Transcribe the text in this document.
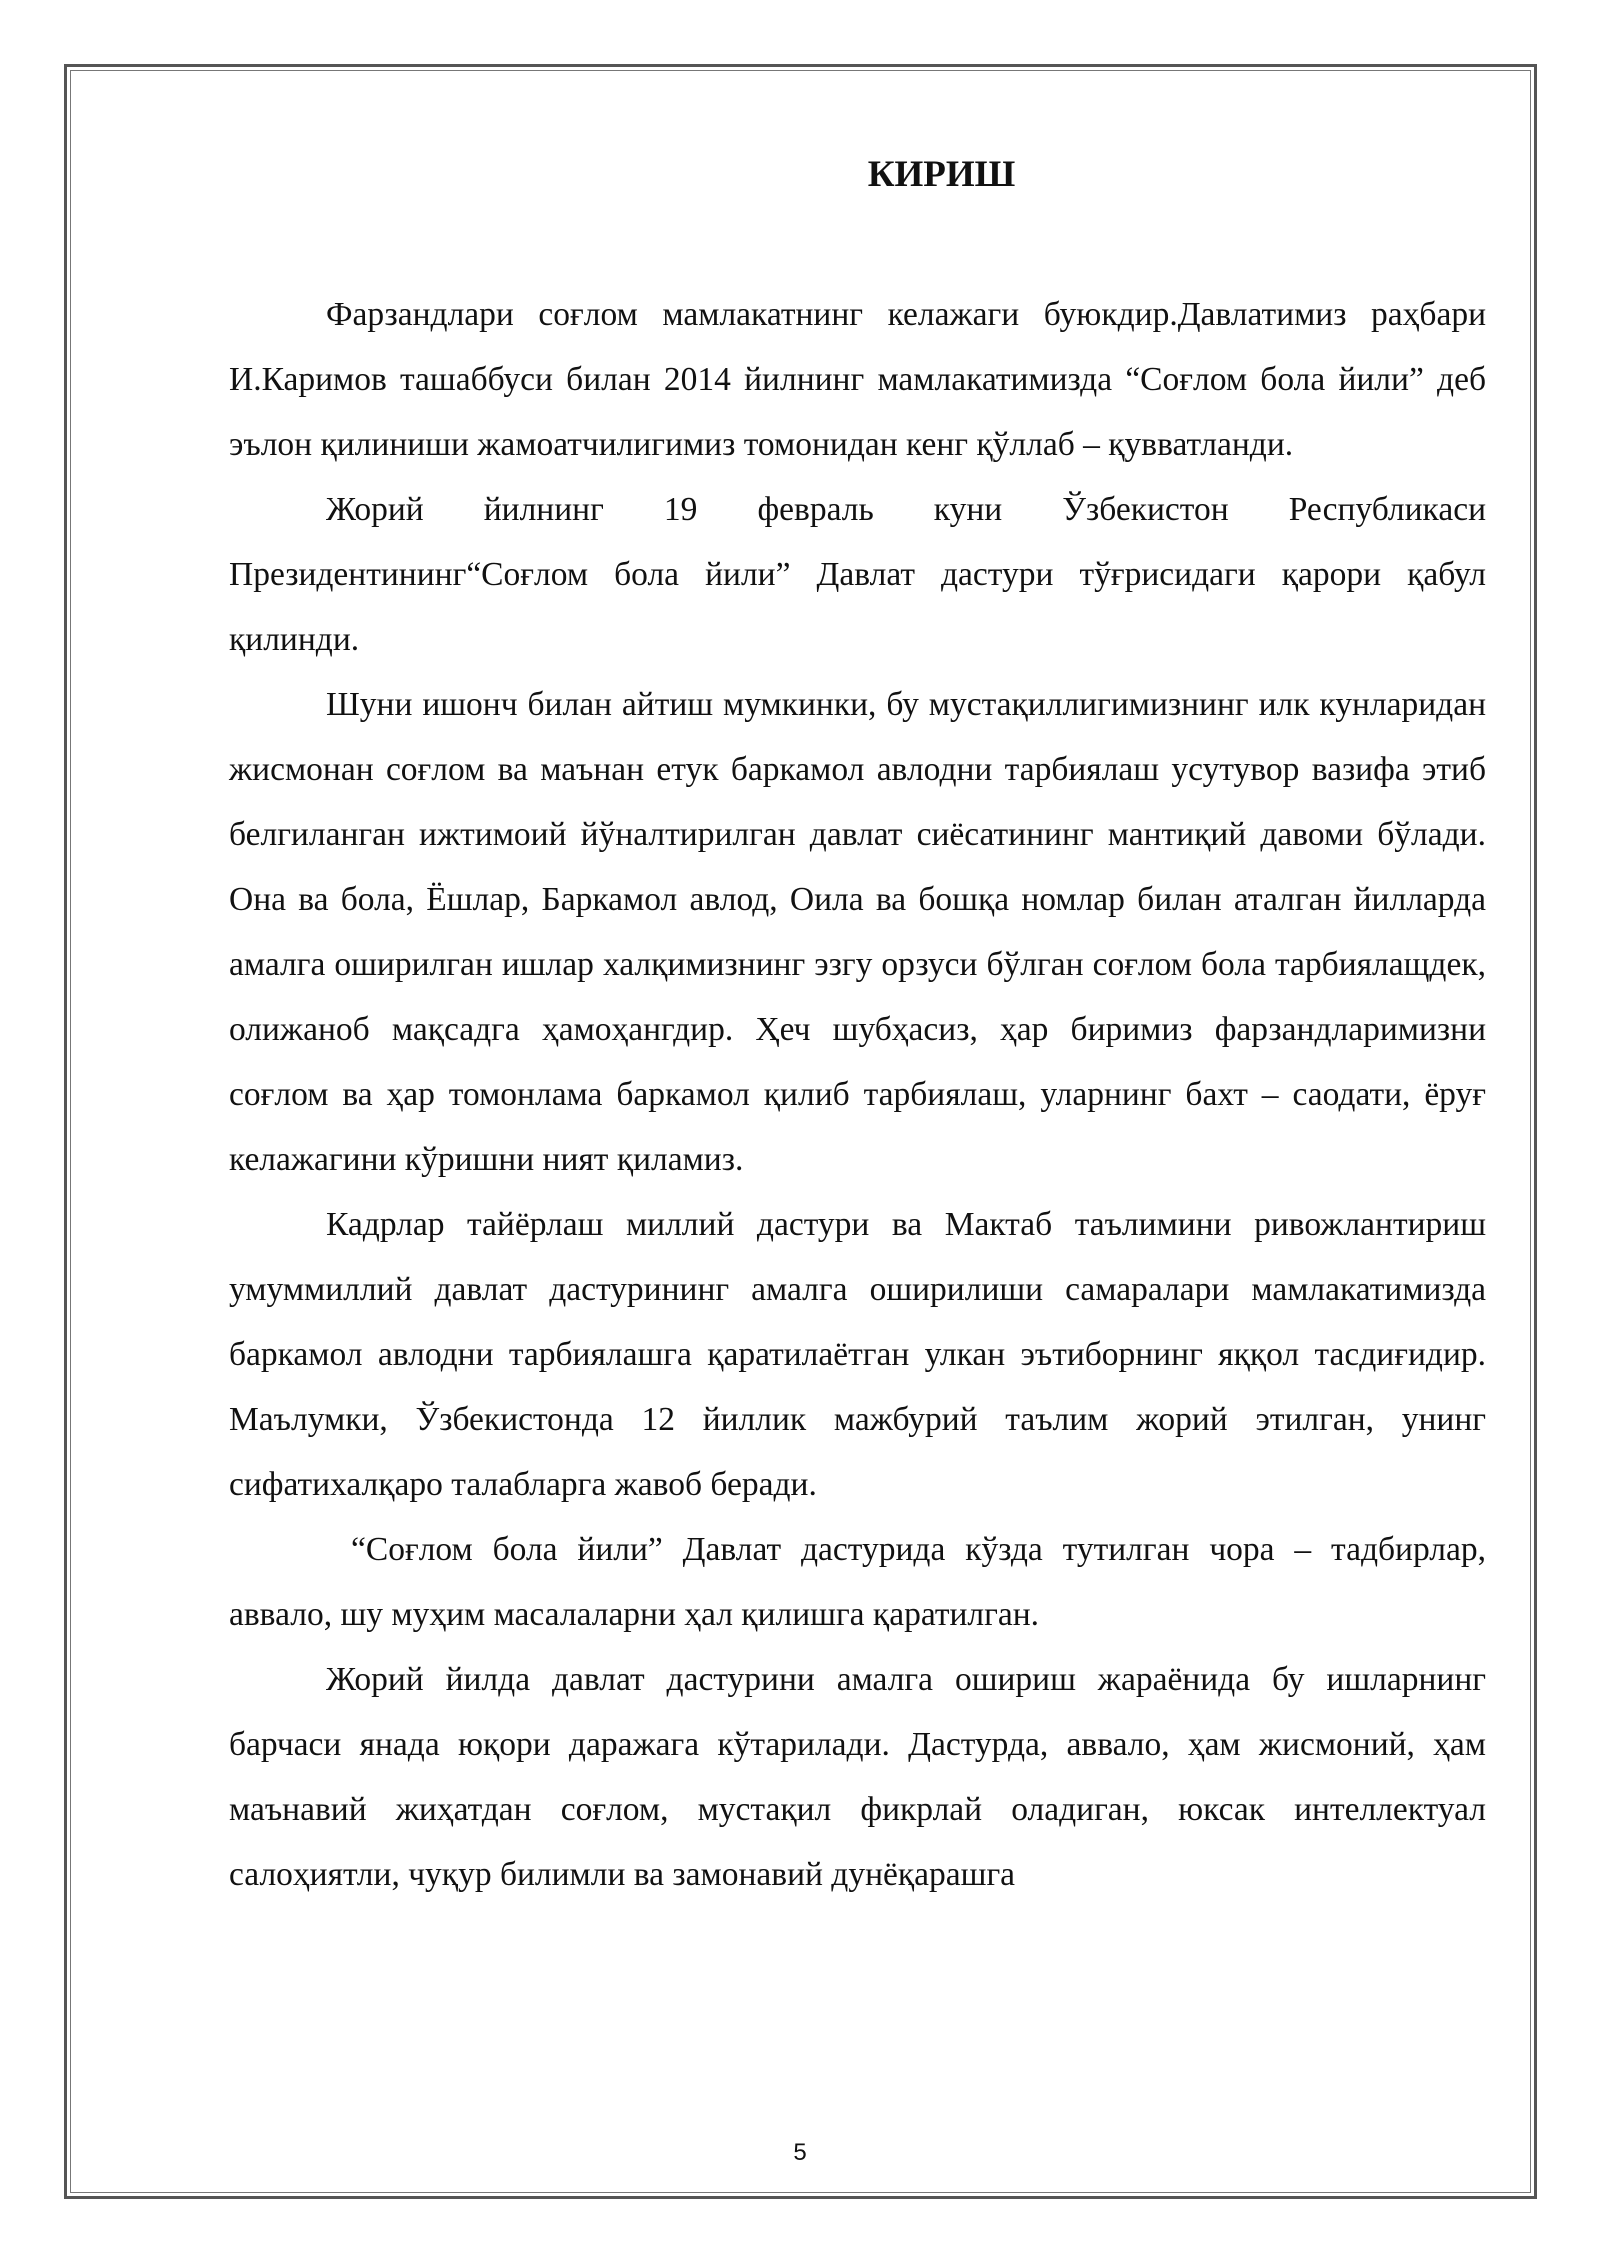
КИРИШ

Фарзандлари соғлом мамлакатнинг келажаги буюкдир.Давлатимиз раҳбари И.Каримов ташаббуси билан 2014 йилнинг мамлакатимизда “Соғлом бола йили” деб эълон қилиниши жамоатчилигимиз томонидан кенг қўллаб – қувватланди.

Жорий йилнинг 19 февраль куни Ўзбекистон Республикаси Президентининг“Соғлом бола йили” Давлат дастури тўғрисидаги қарори қабул қилинди.

Шуни ишонч билан айтиш мумкинки, бу мустақиллигимизнинг илк кунларидан жисмонан соғлом ва маънан етук баркамол авлодни тарбиялаш усутувор вазифа этиб белгиланган ижтимоий йўналтирилган давлат сиёсатининг мантиқий давоми бўлади. Она ва бола, Ёшлар, Баркамол авлод, Оила ва бошқа номлар билан аталган йилларда амалга оширилган ишлар халқимизнинг эзгу орзуси бўлган соғлом бола тарбиялащдек, олижаноб мақсадга ҳамоҳангдир. Ҳеч шубҳасиз, ҳар биримиз фарзандларимизни соғлом ва ҳар томонлама баркамол қилиб тарбиялаш, уларнинг бахт – саодати, ёруғ келажагини кўришни ният қиламиз.

Кадрлар тайёрлаш миллий дастури ва Мактаб таълимини ривожлантириш умуммиллий давлат дастурининг амалга оширилиши самаралари мамлакатимизда баркамол авлодни тарбиялашга қаратилаётган улкан эътиборнинг яққол тасдиғидир. Маълумки, Ўзбекистонда 12 йиллик мажбурий таълим жорий этилган, унинг сифатихалқаро талабларга жавоб беради.

“Соғлом бола йили” Давлат дастурида кўзда тутилган чора – тадбирлар, аввало, шу муҳим масалаларни ҳал қилишга қаратилган.

Жорий йилда давлат дастурини амалга ошириш жараёнида бу ишларнинг барчаси янада юқори даражага кўтарилади. Дастурда, аввало, ҳам жисмоний, ҳам маънавий жиҳатдан соғлом, мустақил фикрлай оладиган, юксак интеллектуал салоҳиятли, чуқур билимли ва замонавий дунёқарашга

5
